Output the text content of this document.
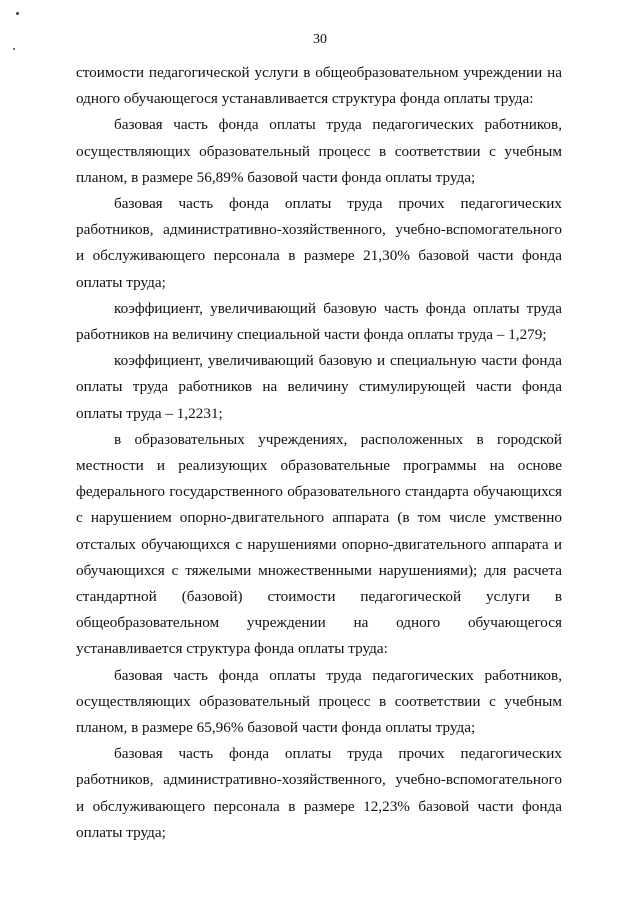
30

стоимости педагогической услуги в общеобразовательном учреждении на одного обучающегося устанавливается структура фонда оплаты труда:

базовая часть фонда оплаты труда педагогических работников, осуществляющих образовательный процесс в соответствии с учебным планом, в размере 56,89% базовой части фонда оплаты труда;

базовая часть фонда оплаты труда прочих педагогических работников, административно-хозяйственного, учебно-вспомогательного и обслуживающего персонала в размере 21,30% базовой части фонда оплаты труда;

коэффициент, увеличивающий базовую часть фонда оплаты труда работников на величину специальной части фонда оплаты труда – 1,279;

коэффициент, увеличивающий базовую и специальную части фонда оплаты труда работников на величину стимулирующей части фонда оплаты труда – 1,2231;

в образовательных учреждениях, расположенных в городской местности и реализующих образовательные программы на основе федерального государственного образовательного стандарта обучающихся с нарушением опорно-двигательного аппарата (в том числе умственно отсталых обучающихся с нарушениями опорно-двигательного аппарата и обучающихся с тяжелыми множественными нарушениями); для расчета стандартной (базовой) стоимости педагогической услуги в общеобразовательном учреждении на одного обучающегося устанавливается структура фонда оплаты труда:

базовая часть фонда оплаты труда педагогических работников, осуществляющих образовательный процесс в соответствии с учебным планом, в размере 65,96% базовой части фонда оплаты труда;

базовая часть фонда оплаты труда прочих педагогических работников, административно-хозяйственного, учебно-вспомогательного и обслуживающего персонала в размере 12,23% базовой части фонда оплаты труда;
